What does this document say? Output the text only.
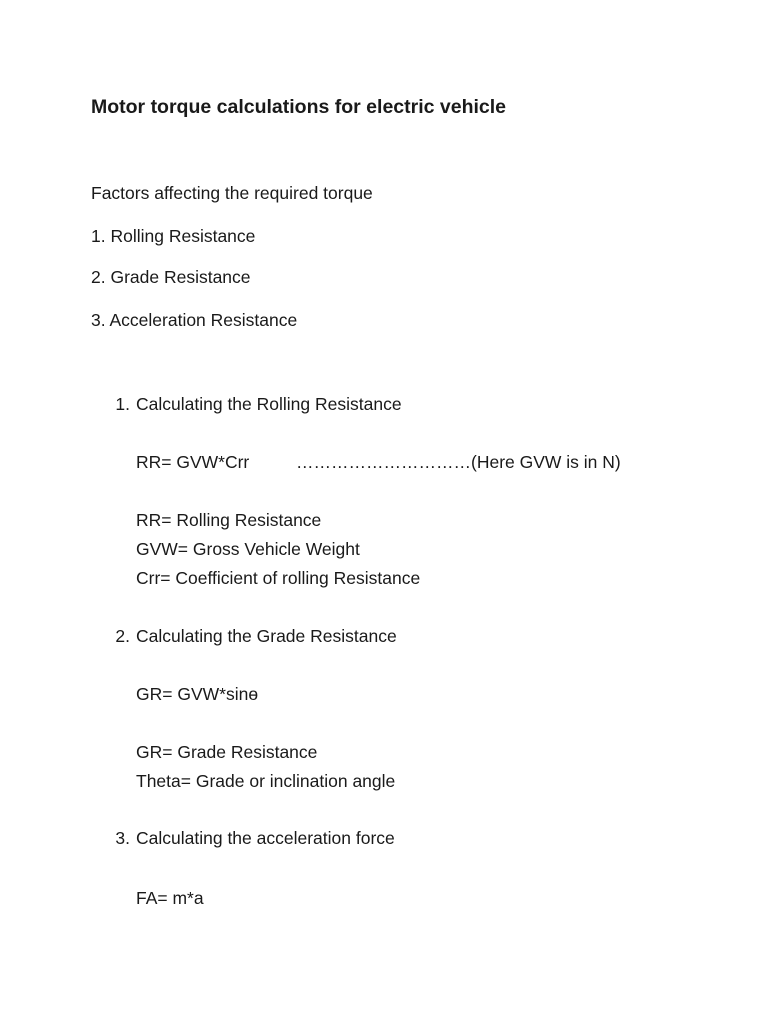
Motor torque calculations for electric vehicle
Factors affecting the required torque
1. Rolling Resistance
2. Grade Resistance
3. Acceleration Resistance
1. Calculating the Rolling Resistance
RR= GVW*Crr	…………………………(Here GVW is in N)
RR= Rolling Resistance
GVW= Gross Vehicle Weight
Crr= Coefficient of rolling Resistance
2. Calculating the Grade Resistance
GR= GVW*sinɵ
GR= Grade Resistance
Theta= Grade or inclination angle
3. Calculating the acceleration force
FA= m*a
